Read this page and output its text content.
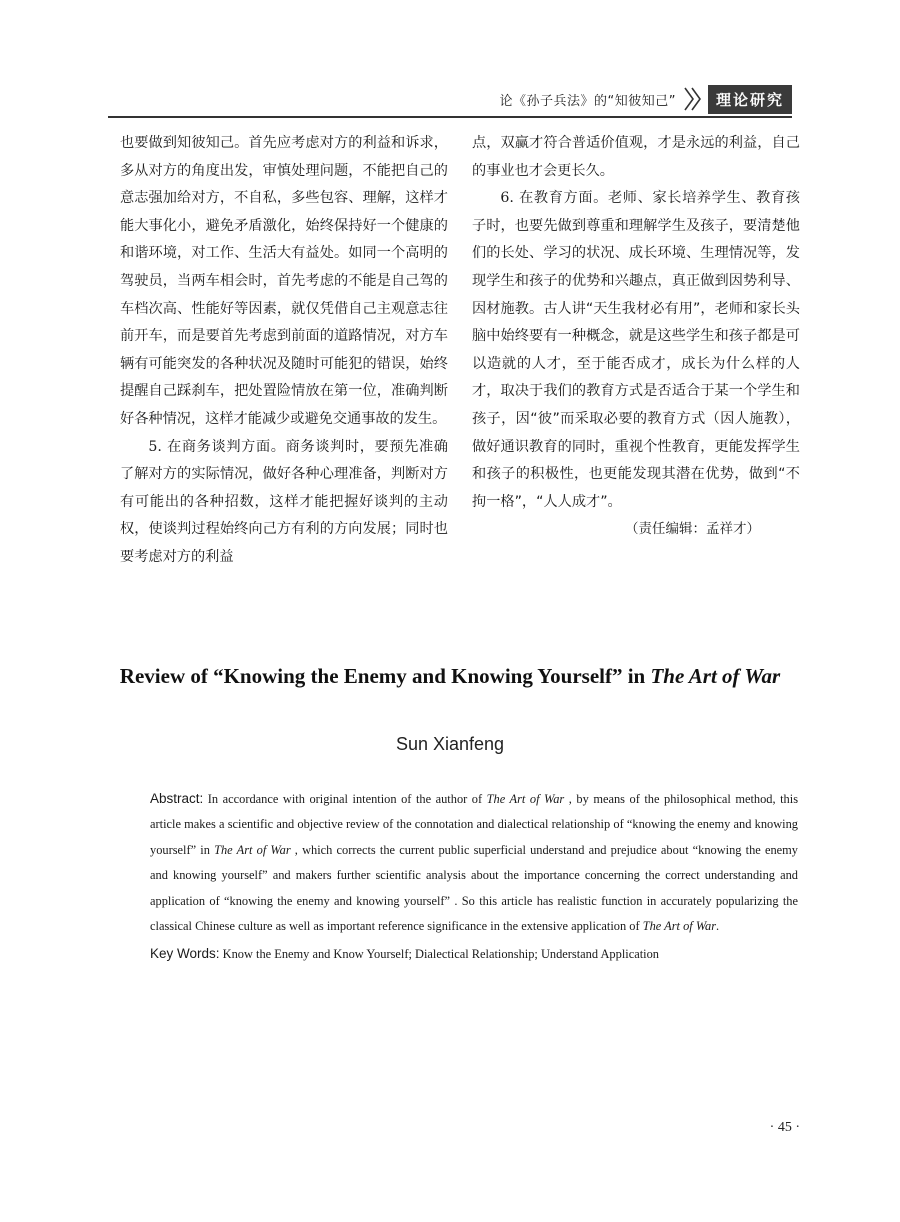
论《孙子兵法》的“知彼知己”	理论研究

也要做到知彼知己。首先应考虑对方的利益和诉求，多从对方的角度出发，审慎处理问题，不能把自己的意志强加给对方，不自私，多些包容、理解，这样才能大事化小，避免矛盾激化，始终保持好一个健康的和谐环境，对工作、生活大有益处。如同一个高明的驾驶员，当两车相会时，首先考虑的不能是自己驾的车档次高、性能好等因素，就仅凭借自己主观意志往前开车，而是要首先考虑到前面的道路情况，对方车辆有可能突发的各种状况及随时可能犯的错误，始终提醒自己踩刹车，把处置险情放在第一位，准确判断好各种情况，这样才能减少或避免交通事故的发生。

5. 在商务谈判方面。商务谈判时，要预先准确了解对方的实际情况，做好各种心理准备，判断对方有可能出的各种招数，这样才能把握好谈判的主动权，使谈判过程始终向己方有利的方向发展；同时也要考虑对方的利益

点，双赢才符合普适价值观，才是永远的利益，自己的事业也才会更长久。

6. 在教育方面。老师、家长培养学生、教育孩子时，也要先做到尊重和理解学生及孩子，要清楚他们的长处、学习的状况、成长环境、生理情况等，发现学生和孩子的优势和兴趣点，真正做到因势利导、因材施教。古人讲“天生我材必有用”，老师和家长头脑中始终要有一种概念，就是这些学生和孩子都是可以造就的人才，至于能否成才，成长为什么样的人才，取决于我们的教育方式是否适合于某一个学生和孩子，因“彼”而采取必要的教育方式（因人施教），做好通识教育的同时，重视个性教育，更能发挥学生和孩子的积极性，也更能发现其潜在优势，做到“不拘一格”，“人人成才”。

（责任编辑：孟祥才）

Review of “Knowing the Enemy and Knowing Yourself” in The Art of War
Sun Xianfeng

Abstract: In accordance with original intention of the author of The Art of War , by means of the philosophical method, this article makes a scientific and objective review of the connotation and dialectical relationship of “knowing the enemy and knowing yourself” in The Art of War , which corrects the current public superficial understand and prejudice about “knowing the enemy and knowing yourself” and makers further scientific analysis about the importance concerning the correct understanding and application of “knowing the enemy and knowing yourself” . So this article has realistic function in accurately popularizing the classical Chinese culture as well as important reference significance in the extensive application of The Art of War.

Key Words: Know the Enemy and Know Yourself; Dialectical Relationship; Understand Application

· 45 ·
